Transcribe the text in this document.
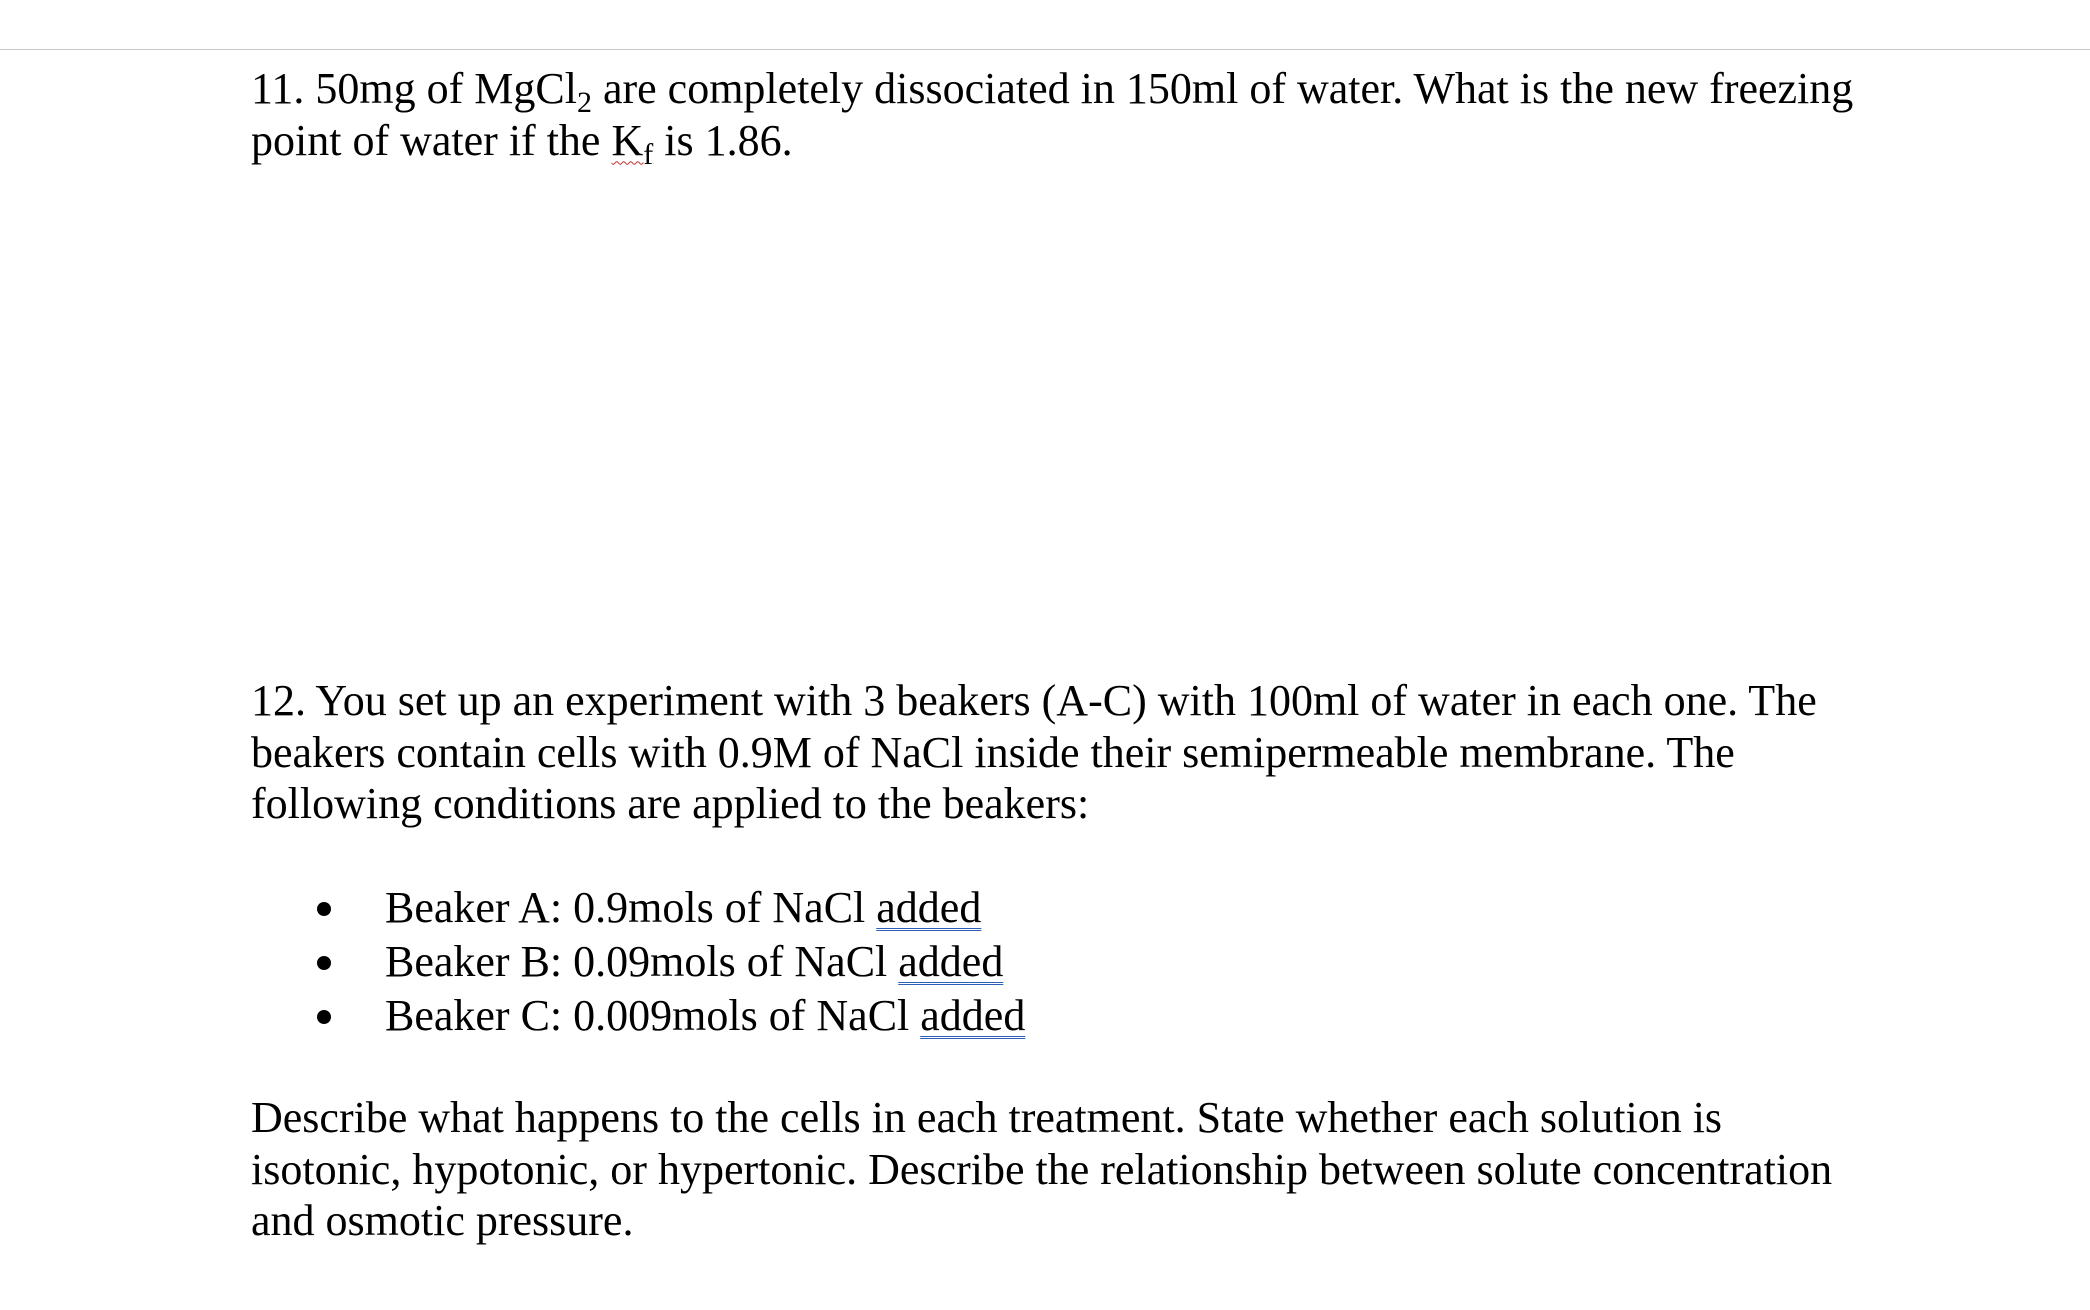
11. 50mg of MgCl$_2$ are completely dissociated in 150ml of water. What is the new freezing
point of water if the $K_f$ is 1.86.

12. You set up an experiment with 3 beakers (A-C) with 100ml of water in each one. The
beakers contain cells with 0.9M of NaCl inside their semipermeable membrane. The
following conditions are applied to the beakers:

Beaker A: 0.9mols of NaCl added
Beaker B: 0.09mols of NaCl added
Beaker C: 0.009mols of NaCl added

Describe what happens to the cells in each treatment. State whether each solution is
isotonic, hypotonic, or hypertonic. Describe the relationship between solute concentration
and osmotic pressure.
